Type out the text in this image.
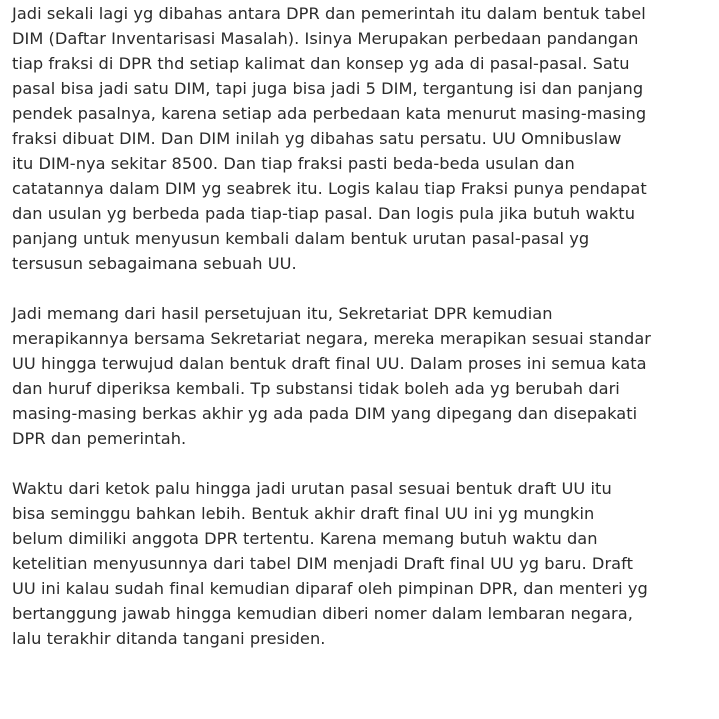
Jadi sekali lagi yg dibahas antara DPR dan pemerintah itu dalam bentuk tabel
DIM (Daftar Inventarisasi Masalah). Isinya Merupakan perbedaan pandangan
tiap fraksi di DPR thd setiap kalimat dan konsep yg ada di pasal-pasal. Satu
pasal bisa jadi satu DIM, tapi juga bisa jadi 5 DIM, tergantung isi dan panjang
pendek pasalnya, karena setiap ada perbedaan kata menurut masing-masing
fraksi dibuat DIM. Dan DIM inilah yg dibahas satu persatu. UU Omnibuslaw
itu DIM-nya sekitar 8500. Dan tiap fraksi pasti beda-beda usulan dan
catatannya dalam DIM yg seabrek itu. Logis kalau tiap Fraksi punya pendapat
dan usulan yg berbeda pada tiap-tiap pasal. Dan logis pula jika butuh waktu
panjang untuk menyusun kembali dalam bentuk urutan pasal-pasal yg
tersusun sebagaimana sebuah UU.
Jadi memang dari hasil persetujuan itu, Sekretariat DPR kemudian
merapikannya bersama Sekretariat negara, mereka merapikan sesuai standar
UU hingga terwujud dalan bentuk draft final UU. Dalam proses ini semua kata
dan huruf diperiksa kembali. Tp substansi tidak boleh ada yg berubah dari
masing-masing berkas akhir yg ada pada DIM yang dipegang dan disepakati
DPR dan pemerintah.
Waktu dari ketok palu hingga jadi urutan pasal sesuai bentuk draft UU itu
bisa seminggu bahkan lebih. Bentuk akhir draft final UU ini yg mungkin
belum dimiliki anggota DPR tertentu. Karena memang butuh waktu dan
ketelitian menyusunnya dari tabel DIM menjadi Draft final UU yg baru. Draft
UU ini kalau sudah final kemudian diparaf oleh pimpinan DPR, dan menteri yg
bertanggung jawab hingga kemudian diberi nomer dalam lembaran negara,
lalu terakhir ditanda tangani presiden.
